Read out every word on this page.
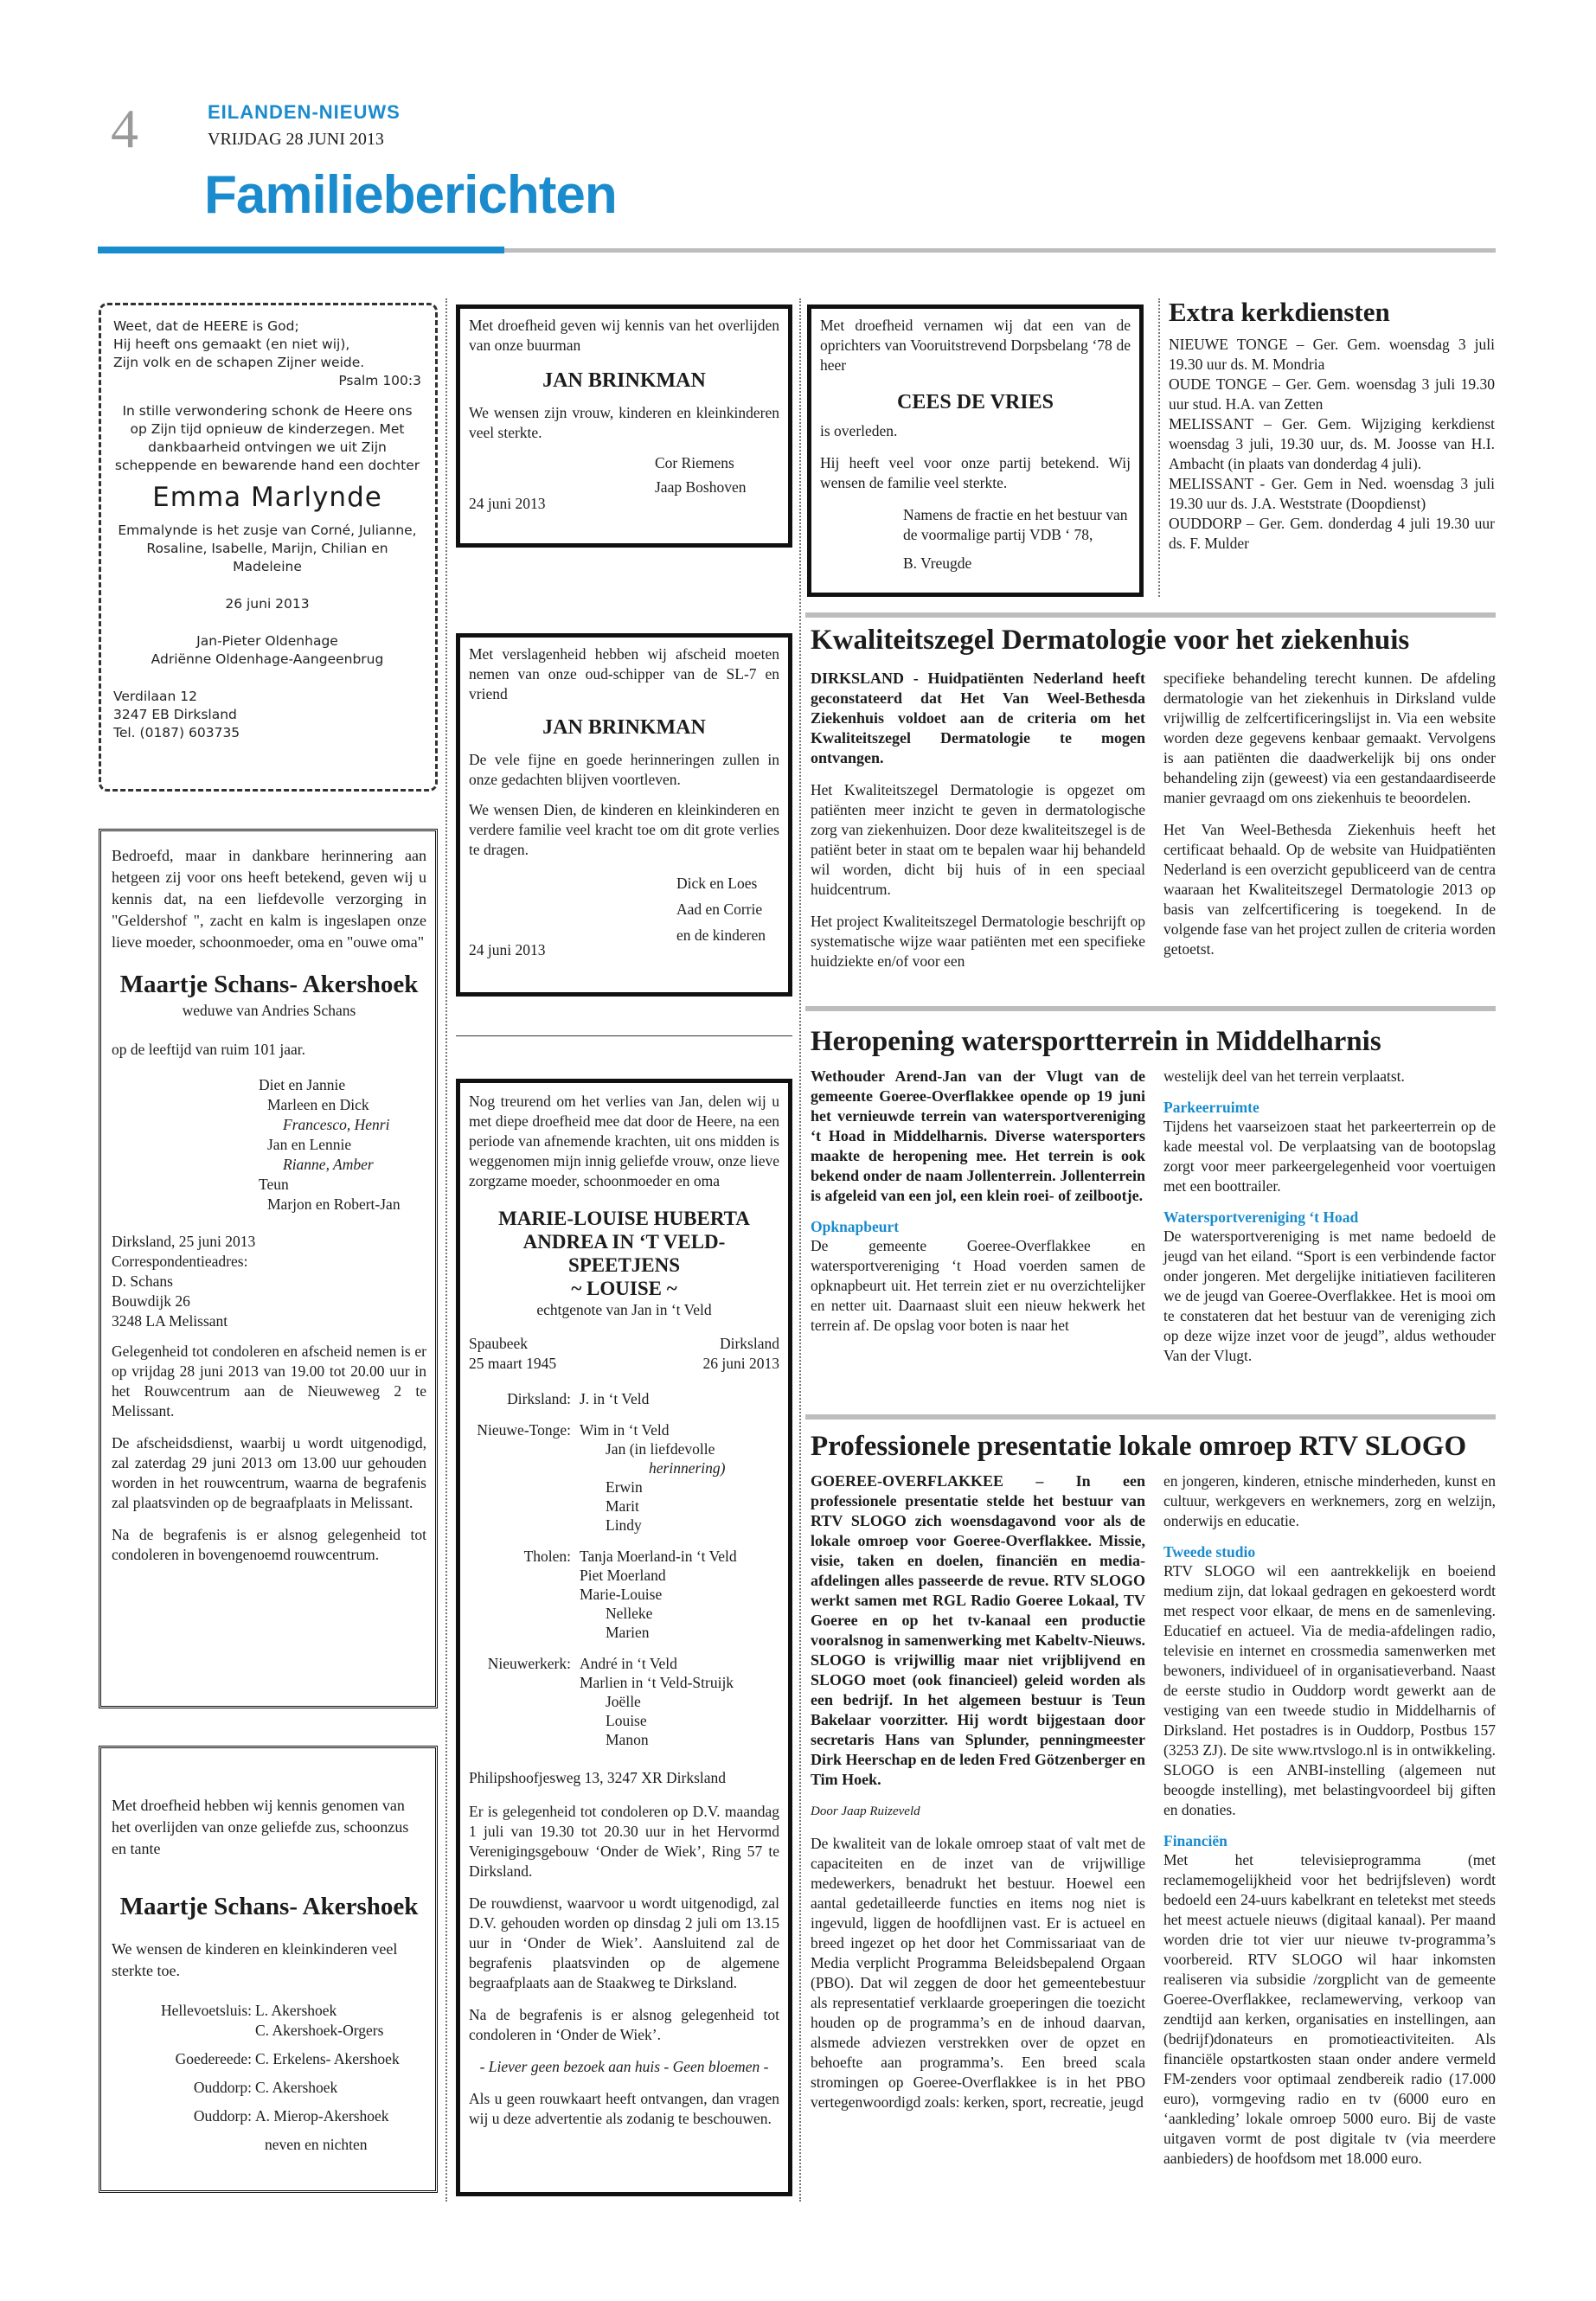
4	EILANDEN-NIEUWS
VRIJDAG 28 JUNI 2013
Familieberichten
Weet, dat de HEERE is God;
Hij heeft ons gemaakt (en niet wij),
Zijn volk en de schapen Zijner weide.
Psalm 100:3
In stille verwondering schonk de Heere ons op Zijn tijd opnieuw de kinderzegen. Met dankbaarheid ontvingen we uit Zijn scheppende en bewarende hand een dochter
Emma Marlynde
Emmalynde is het zusje van Corné, Julianne, Rosaline, Isabelle, Marijn, Chilian en Madeleine
26 juni 2013
Jan-Pieter Oldenhage
Adriënne Oldenhage-Aangeenbrug
Verdilaan 12
3247 EB Dirksland
Tel. (0187) 603735
Bedroefd, maar in dankbare herinnering aan hetgeen zij voor ons heeft betekend, geven wij u kennis dat, na een liefdevolle verzorging in "Geldershof ", zacht en kalm is ingeslapen onze lieve moeder, schoonmoeder, oma en "ouwe oma"
Maartje Schans- Akershoek
weduwe van Andries Schans
op de leeftijd van ruim 101 jaar.
Diet en Jannie
Marleen en Dick
Francesco, Henri
Jan en Lennie
Rianne, Amber
Teun
Marjon en Robert-Jan
Dirksland, 25 juni 2013
Correspondentieadres:
D. Schans
Bouwdijk 26
3248 LA Melissant

Gelegenheid tot condoleren en afscheid nemen is er op vrijdag 28 juni 2013 van 19.00 tot 20.00 uur in het Rouwcentrum aan de Nieuweweg 2 te Melissant.

De afscheidsdienst, waarbij u wordt uitgenodigd, zal zaterdag 29 juni 2013 om 13.00 uur gehouden worden in het rouwcentrum, waarna de begrafenis zal plaatsvinden op de begraafplaats in Melissant.

Na de begrafenis is er alsnog gelegenheid tot condoleren in bovengenoemd rouwcentrum.

Met droefheid hebben wij kennis genomen van het overlijden van onze geliefde zus, schoonzus en tante
Maartje Schans- Akershoek
We wensen de kinderen en kleinkinderen veel sterkte toe.
Hellevoetsluis: L. Akershoek
C. Akershoek-Orgers
Goedereede: C. Erkelens- Akershoek
Ouddorp: C. Akershoek
Ouddorp: A. Mierop-Akershoek
neven en nichten
Met droefheid geven wij kennis van het overlijden van onze buurman
JAN BRINKMAN
We wensen zijn vrouw, kinderen en kleinkinderen veel sterkte.
Cor Riemens
Jaap Boshoven
24 juni 2013
Met verslagenheid hebben wij afscheid moeten nemen van onze oud-schipper van de SL-7 en vriend
JAN BRINKMAN
De vele fijne en goede herinneringen zullen in onze gedachten blijven voortleven.
We wensen Dien, de kinderen en kleinkinderen en verdere familie veel kracht toe om dit grote verlies te dragen.
Dick en Loes
Aad en Corrie
en de kinderen
24 juni 2013
Nog treurend om het verlies van Jan, delen wij u met diepe droefheid mee dat door de Heere, na een periode van afnemende krachten, uit ons midden is weggenomen mijn innig geliefde vrouw, onze lieve zorgzame moeder, schoonmoeder en oma
MARIE-LOUISE HUBERTA
ANDREA IN ‘T VELD-SPEETJENS
~ LOUISE ~
echtgenote van Jan in ‘t Veld
Spaubeek
25 maart 1945
Dirksland
26 juni 2013
Dirksland: J. in ‘t Veld
Nieuwe-Tonge: Wim in ‘t Veld
Jan (in liefdevolle
herinnering)
Erwin
Marit
Lindy
Tholen: Tanja Moerland-in ‘t Veld
Piet Moerland
Marie-Louise
Nelleke
Marien
Nieuwerkerk: André in ‘t Veld
Marlien in ‘t Veld-Struijk
Joëlle
Louise
Manon
Philipshoofjesweg 13, 3247 XR Dirksland

Er is gelegenheid tot condoleren op D.V. maandag 1 juli van 19.30 tot 20.30 uur in het Hervormd Verenigingsgebouw ‘Onder de Wiek’, Ring 57 te Dirksland.

De rouwdienst, waarvoor u wordt uitgenodigd, zal D.V. gehouden worden op dinsdag 2 juli om 13.15 uur in ‘Onder de Wiek’. Aansluitend zal de begrafenis plaatsvinden op de algemene begraafplaats aan de Staakweg te Dirksland.

Na de begrafenis is er alsnog gelegenheid tot condoleren in ‘Onder de Wiek’.

- Liever geen bezoek aan huis - Geen bloemen -

Als u geen rouwkaart heeft ontvangen, dan vragen wij u deze advertentie als zodanig te beschouwen.

Met droefheid vernamen wij dat een van de oprichters van Vooruitstrevend Dorpsbelang ‘78 de heer
CEES DE VRIES
is overleden.
Hij heeft veel voor onze partij betekend. Wij wensen de familie veel sterkte.
Namens de fractie en het bestuur van de voormalige partij VDB ‘ 78,
B. Vreugde
Extra kerkdiensten
NIEUWE TONGE – Ger. Gem. woensdag 3 juli 19.30 uur ds. M. Mondria
OUDE TONGE – Ger. Gem. woensdag 3 juli 19.30 uur stud. H.A. van Zetten
MELISSANT – Ger. Gem. Wijziging kerkdienst woensdag 3 juli, 19.30 uur, ds. M. Joosse van H.I. Ambacht (in plaats van donderdag 4 juli).
MELISSANT - Ger. Gem in Ned. woensdag 3 juli 19.30 uur ds. J.A. Weststrate (Doopdienst)
OUDDORP – Ger. Gem. donderdag 4 juli 19.30 uur ds. F. Mulder
Kwaliteitszegel Dermatologie voor het ziekenhuis

DIRKSLAND - Huidpatiënten Nederland heeft geconstateerd dat Het Van Weel-Bethesda Ziekenhuis voldoet aan de criteria om het Kwaliteitszegel Dermatologie te mogen ontvangen.

Het Kwaliteitszegel Dermatologie is opgezet om patiënten meer inzicht te geven in dermatologische zorg van ziekenhuizen. Door deze kwaliteitszegel is de patiënt beter in staat om te bepalen waar hij behandeld wil worden, dicht bij huis of in een speciaal huidcentrum.

Het project Kwaliteitszegel Dermatologie beschrijft op systematische wijze waar patiënten met een specifieke huidziekte en/of voor een

specifieke behandeling terecht kunnen. De afdeling dermatologie van het ziekenhuis in Dirksland vulde vrijwillig de zelfcertificeringslijst in. Via een website worden deze gegevens kenbaar gemaakt. Vervolgens is aan patiënten die daadwerkelijk bij ons onder behandeling zijn (geweest) via een gestandaardiseerde manier gevraagd om ons ziekenhuis te beoordelen.

Het Van Weel-Bethesda Ziekenhuis heeft het certificaat behaald. Op de website van Huidpatiënten Nederland is een overzicht gepubliceerd van de centra waaraan het Kwaliteitszegel Dermatologie 2013 op basis van zelfcertificering is toegekend. In de volgende fase van het project zullen de criteria worden getoetst.

Heropening watersportterrein in Middelharnis

Wethouder Arend-Jan van der Vlugt van de gemeente Goeree-Overflakkee opende op 19 juni het vernieuwde terrein van watersportvereniging ‘t Hoad in Middelharnis. Diverse watersporters maakte de heropening mee. Het terrein is ook bekend onder de naam Jollenterrein. Jollenterrein is afgeleid van een jol, een klein roei- of zeilbootje.

Opknapbeurt

De gemeente Goeree-Overflakkee en watersportvereniging ‘t Hoad voerden samen de opknapbeurt uit. Het terrein ziet er nu overzichtelijker en netter uit. Daarnaast sluit een nieuw hekwerk het terrein af. De opslag voor boten is naar het

westelijk deel van het terrein verplaatst.

Parkeerruimte

Tijdens het vaarseizoen staat het parkeerterrein op de kade meestal vol. De verplaatsing van de bootopslag zorgt voor meer parkeergelegenheid voor voertuigen met een boottrailer.

Watersportvereniging ‘t Hoad

De watersportvereniging is met name bedoeld de jeugd van het eiland. “Sport is een verbindende factor onder jongeren. Met dergelijke initiatieven faciliteren we de jeugd van Goeree-Overflakkee. Het is mooi om te constateren dat het bestuur van de vereniging zich op deze wijze inzet voor de jeugd”, aldus wethouder Van der Vlugt.

Professionele presentatie lokale omroep RTV SLOGO

GOEREE-OVERFLAKKEE – In een professionele presentatie stelde het bestuur van RTV SLOGO zich woensdagavond voor als de lokale omroep voor Goeree-Overflakkee. Missie, visie, taken en doelen, financiën en media-afdelingen alles passeerde de revue. RTV SLOGO werkt samen met RGL Radio Goeree Lokaal, TV Goeree en op het tv-kanaal een productie vooralsnog in samenwerking met Kabeltv-Nieuws. SLOGO is vrijwillig maar niet vrijblijvend en SLOGO moet (ook financieel) geleid worden als een bedrijf. In het algemeen bestuur is Teun Bakelaar voorzitter. Hij wordt bijgestaan door secretaris Hans van Splunder, penningmeester Dirk Heerschap en de leden Fred Götzenberger en Tim Hoek.

Door Jaap Ruizeveld

De kwaliteit van de lokale omroep staat of valt met de capaciteiten en de inzet van de vrijwillige medewerkers, benadrukt het bestuur. Hoewel een aantal gedetailleerde functies en items nog niet is ingevuld, liggen de hoofdlijnen vast. Er is actueel en breed ingezet op het door het Commissariaat van de Media verplicht Programma Beleidsbepalend Orgaan (PBO). Dat wil zeggen de door het gemeentebestuur als representatief verklaarde groeperingen die toezicht houden op de programma’s en de inhoud daarvan, alsmede adviezen verstrekken over de opzet en behoefte aan programma’s. Een breed scala stromingen op Goeree-Overflakkee is in het PBO vertegenwoordigd zoals: kerken, sport, recreatie, jeugd

en jongeren, kinderen, etnische minderheden, kunst en cultuur, werkgevers en werknemers, zorg en welzijn, onderwijs en educatie.

Tweede studio

RTV SLOGO wil een aantrekkelijk en boeiend medium zijn, dat lokaal gedragen en gekoesterd wordt met respect voor elkaar, de mens en de samenleving. Educatief en actueel. Via de media-afdelingen radio, televisie en internet en crossmedia samenwerken met bewoners, individueel of in organisatieverband. Naast de eerste studio in Ouddorp wordt gewerkt aan de vestiging van een tweede studio in Middelharnis of Dirksland. Het postadres is in Ouddorp, Postbus 157 (3253 ZJ). De site www.rtvslogo.nl is in ontwikkeling. SLOGO is een ANBI-instelling (algemeen nut beoogde instelling), met belastingvoordeel bij giften en donaties.

Financiën

Met het televisieprogramma (met reclamemogelijkheid voor het bedrijfsleven) wordt bedoeld een 24-uurs kabelkrant en teletekst met steeds het meest actuele nieuws (digitaal kanaal). Per maand worden drie tot vier uur nieuwe tv-programma’s voorbereid. RTV SLOGO wil haar inkomsten realiseren via subsidie /zorgplicht van de gemeente Goeree-Overflakkee, reclamewerving, verkoop van zendtijd aan kerken, organisaties en instellingen, aan (bedrijf)donateurs en promotieactiviteiten. Als financiële opstartkosten staan onder andere vermeld FM-zenders voor optimaal zendbereik radio (17.000 euro), vormgeving radio en tv (6000 euro en ‘aankleding’ lokale omroep 5000 euro. Bij de vaste uitgaven vormt de post digitale tv (via meerdere aanbieders) de hoofdsom met 18.000 euro.
